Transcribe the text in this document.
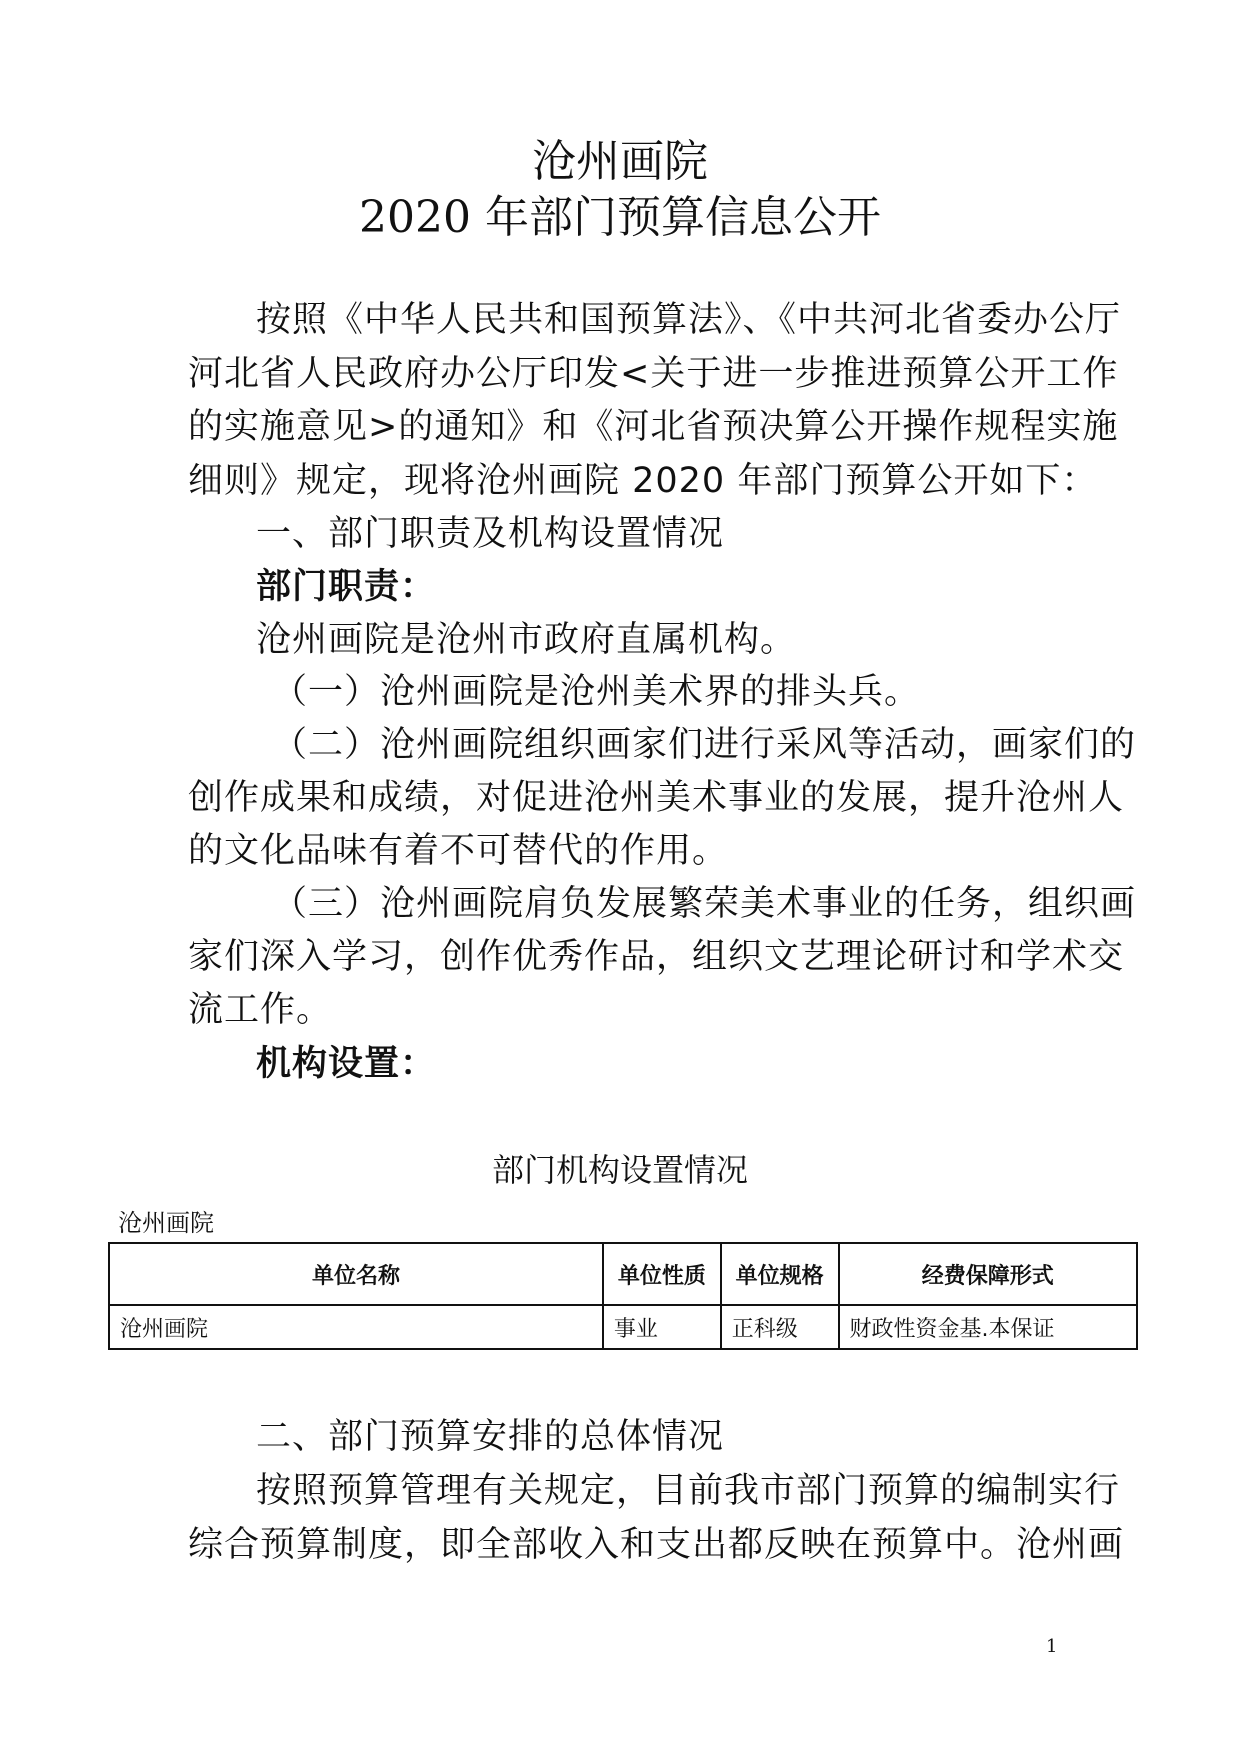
沧州画院
2020 年部门预算信息公开
按照《中华人民共和国预算法》、《中共河北省委办公厅
河北省人民政府办公厅印发<关于进一步推进预算公开工作
的实施意见>的通知》和《河北省预决算公开操作规程实施
细则》规定，现将沧州画院 2020 年部门预算公开如下：
一、部门职责及机构设置情况
部门职责：
沧州画院是沧州市政府直属机构。
（一）沧州画院是沧州美术界的排头兵。
（二）沧州画院组织画家们进行采风等活动，画家们的
创作成果和成绩，对促进沧州美术事业的发展，提升沧州人
的文化品味有着不可替代的作用。
（三）沧州画院肩负发展繁荣美术事业的任务，组织画
家们深入学习，创作优秀作品，组织文艺理论研讨和学术交
流工作。
机构设置：
部门机构设置情况
沧州画院
单位名称	单位性质	单位规格	经费保障形式
沧州画院	事业	正科级	财政性资金基.本保证
二、部门预算安排的总体情况
按照预算管理有关规定，目前我市部门预算的编制实行
综合预算制度，即全部收入和支出都反映在预算中。沧州画
1
